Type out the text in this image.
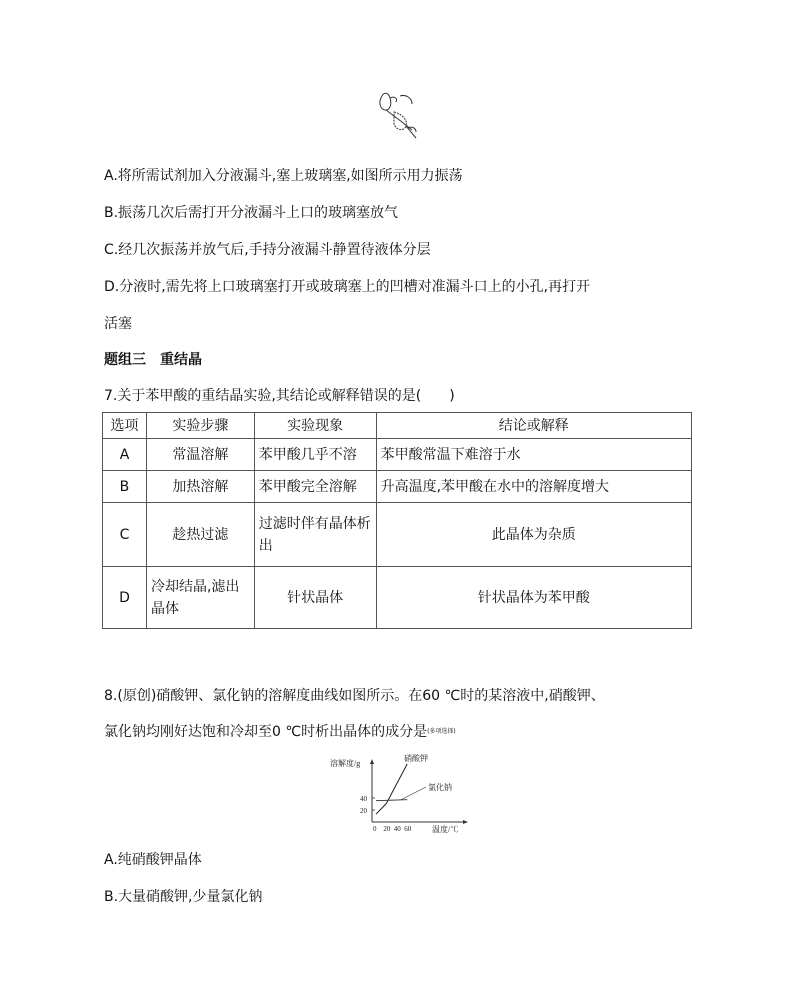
A.将所需试剂加入分液漏斗,塞上玻璃塞,如图所示用力振荡
B.振荡几次后需打开分液漏斗上口的玻璃塞放气
C.经几次振荡并放气后,手持分液漏斗静置待液体分层
D.分液时,需先将上口玻璃塞打开或玻璃塞上的凹槽对准漏斗口上的小孔,再打开
活塞
题组三　重结晶
7.关于苯甲酸的重结晶实验,其结论或解释错误的是(　　)
选项	实验步骤	实验现象	结论或解释
A	常温溶解	苯甲酸几乎不溶	苯甲酸常温下难溶于水
B	加热溶解	苯甲酸完全溶解	升高温度,苯甲酸在水中的溶解度增大
C	趁热过滤	过滤时伴有晶体析出	此晶体为杂质
D	冷却结晶,滤出晶体	针状晶体	针状晶体为苯甲酸
8.(原创)硝酸钾、氯化钠的溶解度曲线如图所示。在60 ℃时的某溶液中,硝酸钾、
氯化钠均刚好达饱和冷却至0 ℃时析出晶体的成分是(多项选择)
溶解度/g
温度/℃
0 20 40 60
20
40
硝酸钾
氯化钠
A.纯硝酸钾晶体
B.大量硝酸钾,少量氯化钠
